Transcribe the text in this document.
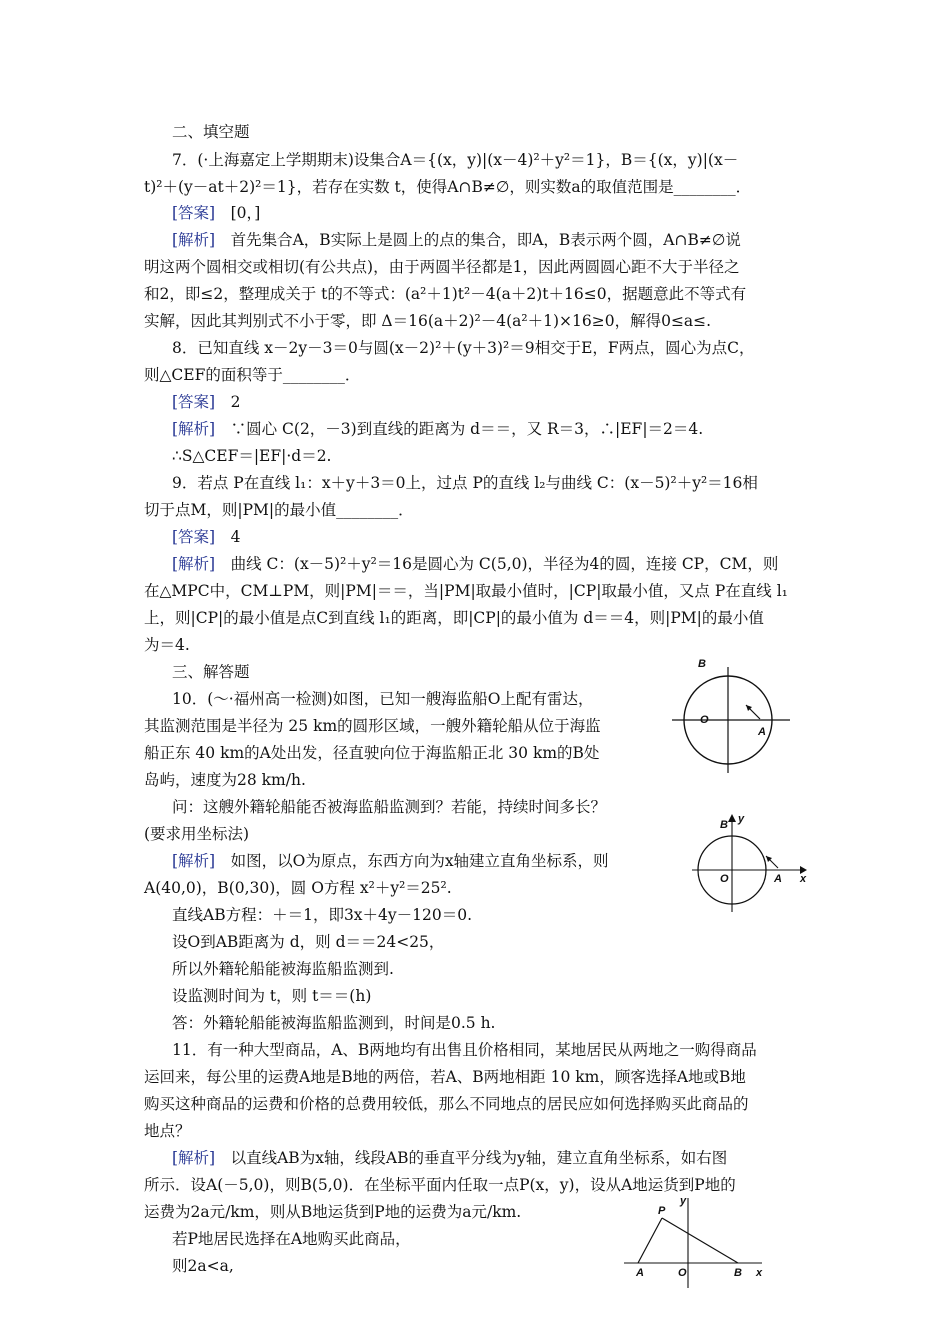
二、填空题
7．(·上海嘉定上学期期末)设集合A＝{(x，y)|(x－4)²＋y²＝1}，B＝{(x，y)|(x－
t)²＋(y－at＋2)²＝1}，若存在实数 t，使得A∩B≠∅，则实数a的取值范围是________．
[答案]　[0，]
[解析]　首先集合A，B实际上是圆上的点的集合，即A，B表示两个圆，A∩B≠∅说
明这两个圆相交或相切(有公共点)，由于两圆半径都是1，因此两圆圆心距不大于半径之
和2，即≤2，整理成关于 t的不等式：(a²＋1)t²－4(a＋2)t＋16≤0，据题意此不等式有
实解，因此其判别式不小于零，即 Δ＝16(a＋2)²－4(a²＋1)×16≥0，解得0≤a≤.
8．已知直线 x－2y－3＝0与圆(x－2)²＋(y＋3)²＝9相交于E，F两点，圆心为点C，
则△CEF的面积等于________．
[答案]　2
[解析]　∵圆心 C(2，－3)到直线的距离为 d＝＝，又 R＝3，∴|EF|＝2＝4.
∴S△CEF＝|EF|·d＝2.
9．若点 P在直线 l₁：x＋y＋3＝0上，过点 P的直线 l₂与曲线 C：(x－5)²＋y²＝16相
切于点M，则|PM|的最小值________．
[答案]　4
[解析]　曲线 C：(x－5)²＋y²＝16是圆心为 C(5,0)，半径为4的圆，连接 CP，CM，则
在△MPC中，CM⊥PM，则|PM|＝＝，当|PM|取最小值时，|CP|取最小值，又点 P在直线 l₁
上，则|CP|的最小值是点C到直线 l₁的距离，即|CP|的最小值为 d＝＝4，则|PM|的最小值
为＝4.
三、解答题
10．(～·福州高一检测)如图，已知一艘海监船O上配有雷达，
其监测范围是半径为 25 km的圆形区域，一艘外籍轮船从位于海监
船正东 40 km的A处出发，径直驶向位于海监船正北 30 km的B处
岛屿，速度为28 km/h.
问：这艘外籍轮船能否被海监船监测到？若能，持续时间多长？
(要求用坐标法)
[解析]　如图，以O为原点，东西方向为x轴建立直角坐标系，则
A(40,0)，B(0,30)，圆 O方程 x²＋y²＝25².
直线AB方程：＋＝1，即3x＋4y－120＝0.
设O到AB距离为 d，则 d＝＝24<25，
所以外籍轮船能被海监船监测到.
设监测时间为 t，则 t＝＝(h)
答：外籍轮船能被海监船监测到，时间是0.5 h.
11．有一种大型商品，A、B两地均有出售且价格相同，某地居民从两地之一购得商品
运回来，每公里的运费A地是B地的两倍，若A、B两地相距 10 km，顾客选择A地或B地
购买这种商品的运费和价格的总费用较低，那么不同地点的居民应如何选择购买此商品的
地点？
[解析]　以直线AB为x轴，线段AB的垂直平分线为y轴，建立直角坐标系，如右图
所示．设A(－5,0)，则B(5,0)．在坐标平面内任取一点P(x，y)，设从A地运货到P地的
运费为2a元/km，则从B地运货到P地的运费为a元/km.
若P地居民选择在A地购买此商品，
则2a<a,
B
O
A
B y
O	A x
P
y
A	O	B x
